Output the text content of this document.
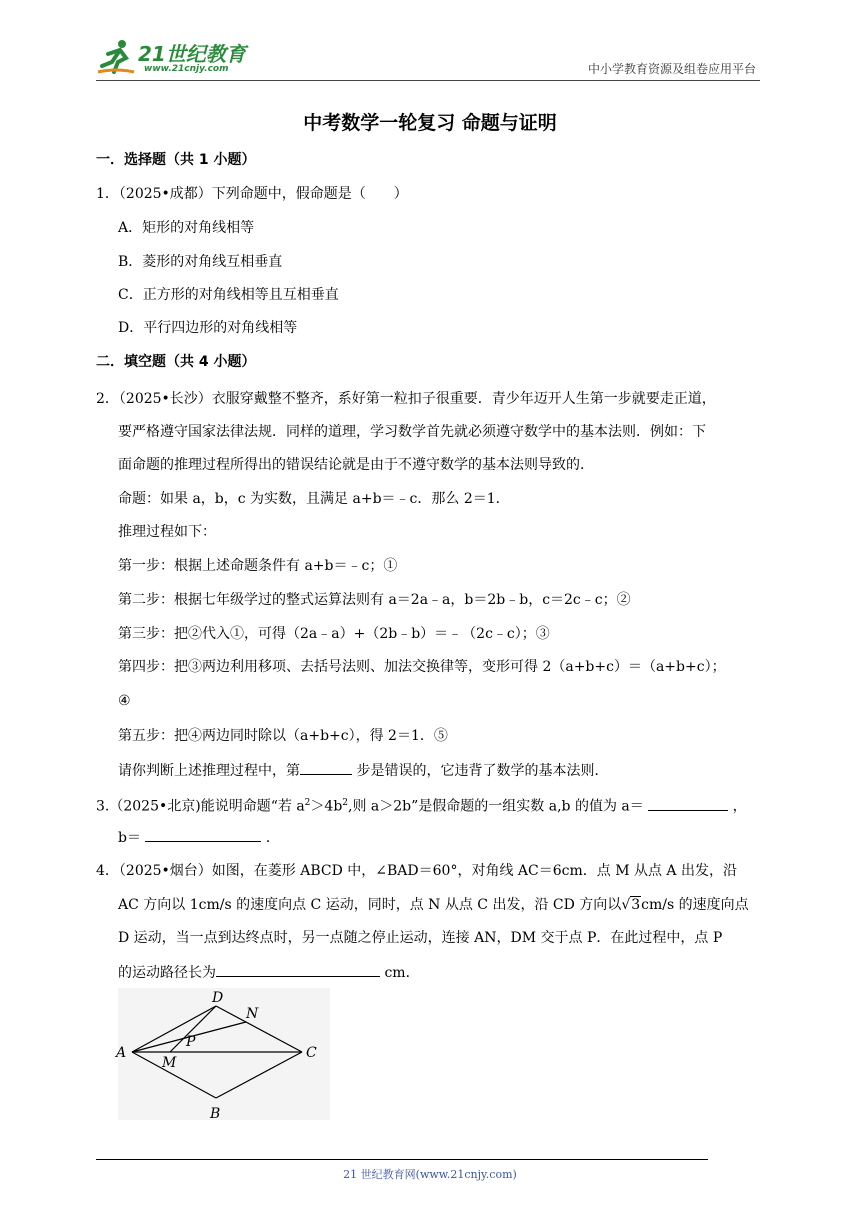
21世纪教育
www.21cnjy.com	中小学教育资源及组卷应用平台
中考数学一轮复习 命题与证明
一．选择题（共 1 小题）
1．（2025•成都）下列命题中，假命题是（　　）
A．矩形的对角线相等
B．菱形的对角线互相垂直
C．正方形的对角线相等且互相垂直
D．平行四边形的对角线相等
二．填空题（共 4 小题）
2．（2025•长沙）衣服穿戴整不整齐，系好第一粒扣子很重要．青少年迈开人生第一步就要走正道，
要严格遵守国家法律法规．同样的道理，学习数学首先就必须遵守数学中的基本法则．例如：下
面命题的推理过程所得出的错误结论就是由于不遵守数学的基本法则导致的．
命题：如果 a，b，c 为实数，且满足 a+b＝﹣c．那么 2＝1．
推理过程如下：
第一步：根据上述命题条件有 a+b＝﹣c；①
第二步：根据七年级学过的整式运算法则有 a＝2a﹣a，b＝2b﹣b，c＝2c﹣c；②
第三步：把②代入①，可得（2a﹣a）+（2b﹣b）＝﹣（2c﹣c）；③
第四步：把③两边利用移项、去括号法则、加法交换律等，变形可得 2（a+b+c）＝（a+b+c）；
④
第五步：把④两边同时除以（a+b+c），得 2＝1．⑤
请你判断上述推理过程中，第	步是错误的，它违背了数学的基本法则．
3.（2025•北京)能说明命题“若 $a^2>4b^2$,则 a＞2b”是假命题的一组实数 a,b 的值为 a＝	，
b＝	．
4．（2025•烟台）如图，在菱形 ABCD 中，∠BAD＝60°，对角线 AC＝6cm．点 M 从点 A 出发，沿
AC 方向以 1cm/s 的速度向点 C 运动，同时，点 N 从点 C 出发，沿 CD 方向以√3cm/s 的速度向点
D 运动，当一点到达终点时，另一点随之停止运动，连接 AN，DM 交于点 P．在此过程中，点 P
的运动路径长为	cm．
A
B
C
D
M
N
P
21 世纪教育网(www.21cnjy.com)
